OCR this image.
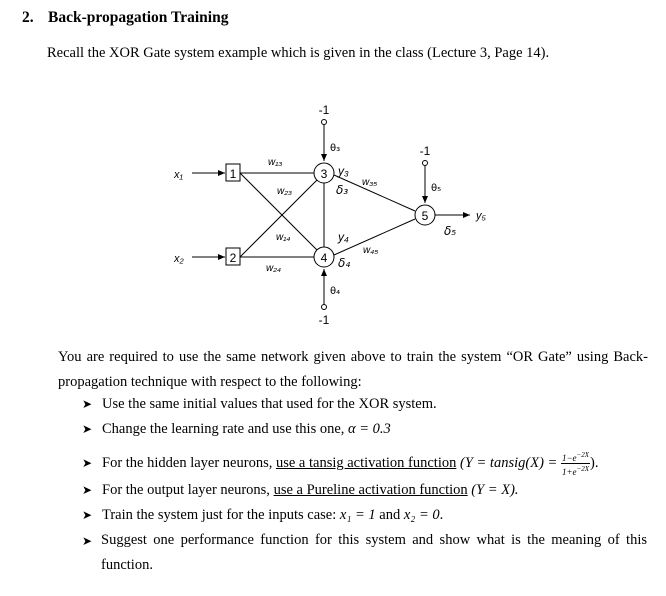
2. Back-propagation Training
Recall the XOR Gate system example which is given in the class (Lecture 3, Page 14).
1
2
3
4
5
x₁
x₂
-1
-1
-1
θ₃
θ₄
θ₅
w₁₃
w₂₃
w₁₄
w₂₄
w₃₅
w₄₅
y₃
y₄
δ₃
δ₄
δ₅
y₅
You are required to use the same network given above to train the system “OR Gate” using Back-propagation technique with respect to the following:
➤ Use the same initial values that used for the XOR system.
➤ Change the learning rate and use this one, α = 0.3
➤ For the hidden layer neurons, use a tansig activation function (Y = tansig(X) = $\frac{1-e^{-2X}}{1+e^{-2X}}$ ).
➤ For the output layer neurons, use a Pureline activation function (Y = X).
➤ Train the system just for the inputs case: x₁ = 1 and x₂ = 0.
➤ Suggest one performance function for this system and show what is the meaning of this function.
